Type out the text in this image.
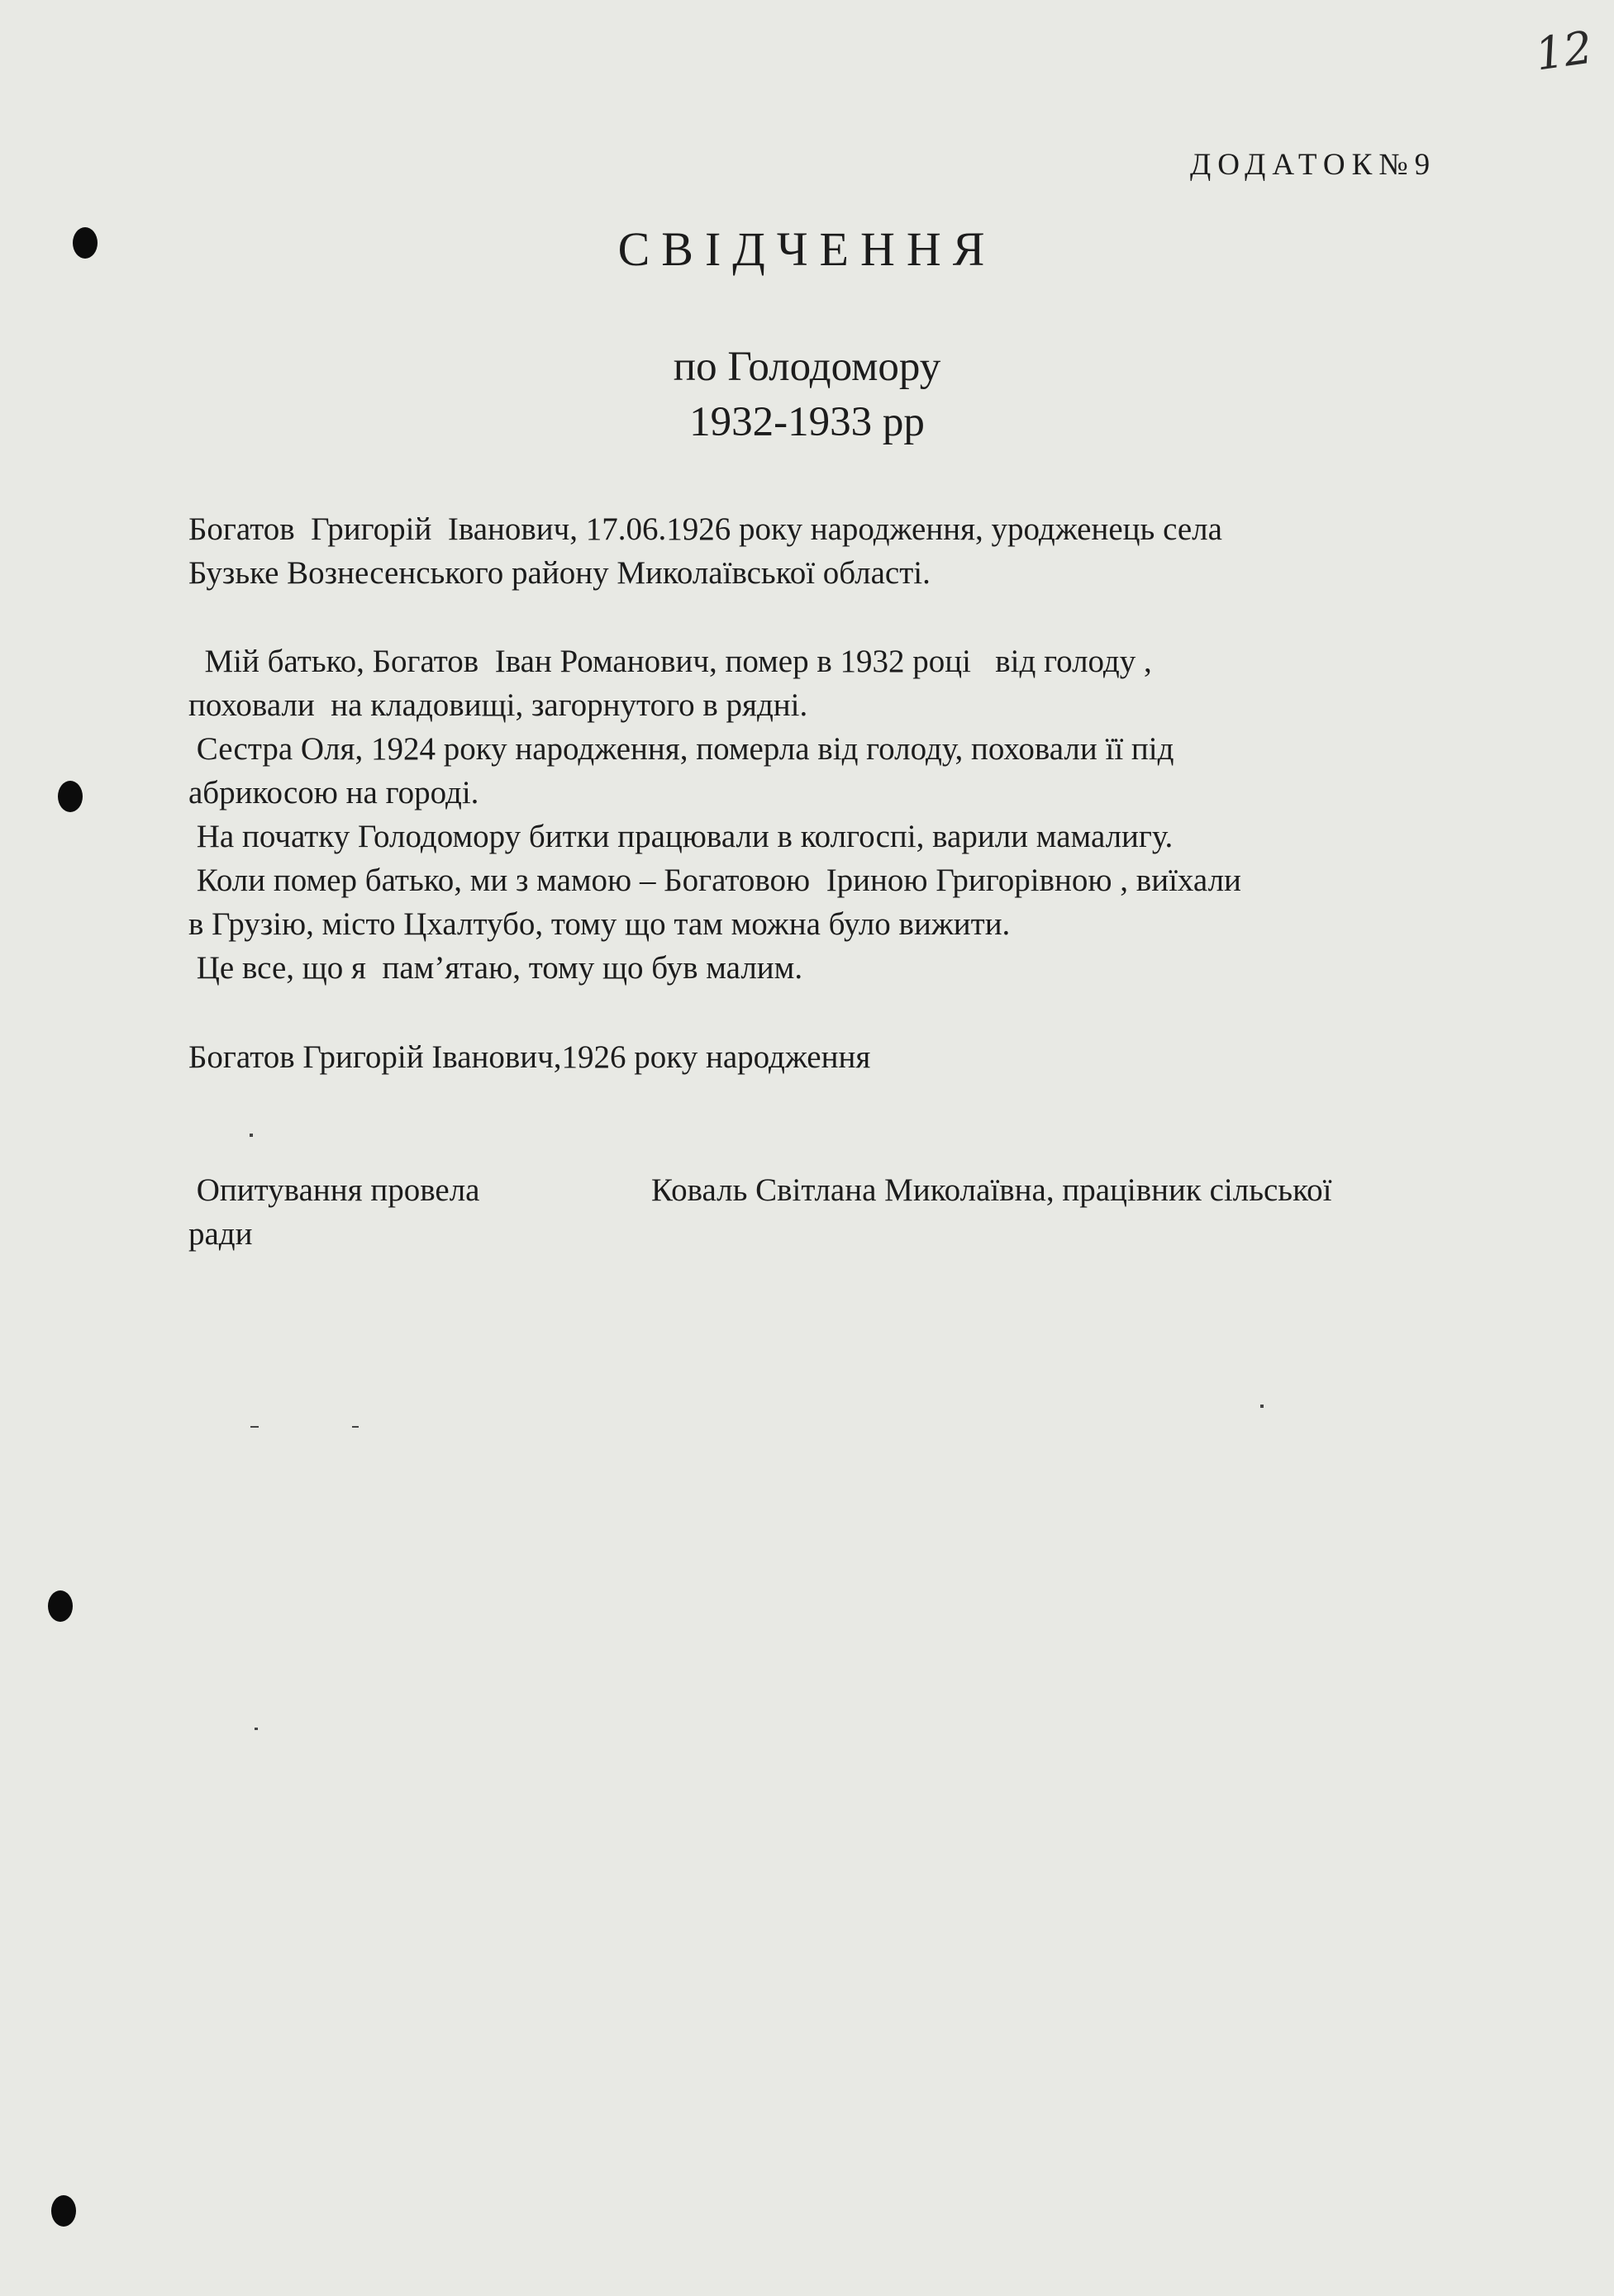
12
ДОДАТОК№9
СВІДЧЕННЯ
по Голодомору
1932-1933 рр
Богатов  Григорій  Іванович, 17.06.1926 року народження, уродженець села
Бузьке Вознесенського району Миколаївської області.
Мій батько, Богатов  Іван Романович, помер в 1932 році   від голоду ,
поховали  на кладовищі, загорнутого в рядні.
Сестра Оля, 1924 року народження, померла від голоду, поховали її під
абрикосою на городі.
На початку Голодомору битки працювали в колгоспі, варили мамалигу.
Коли помер батько, ми з мамою – Богатовою  Іриною Григорівною , виїхали
в Грузію, місто Цхалтубо, тому що там можна було вижити.
Це все, що я  пам’ятаю, тому що був малим.
Богатов Григорій Іванович,1926 року народження
Опитування провела	Коваль Світлана Миколаївна, працівник сільської
ради
